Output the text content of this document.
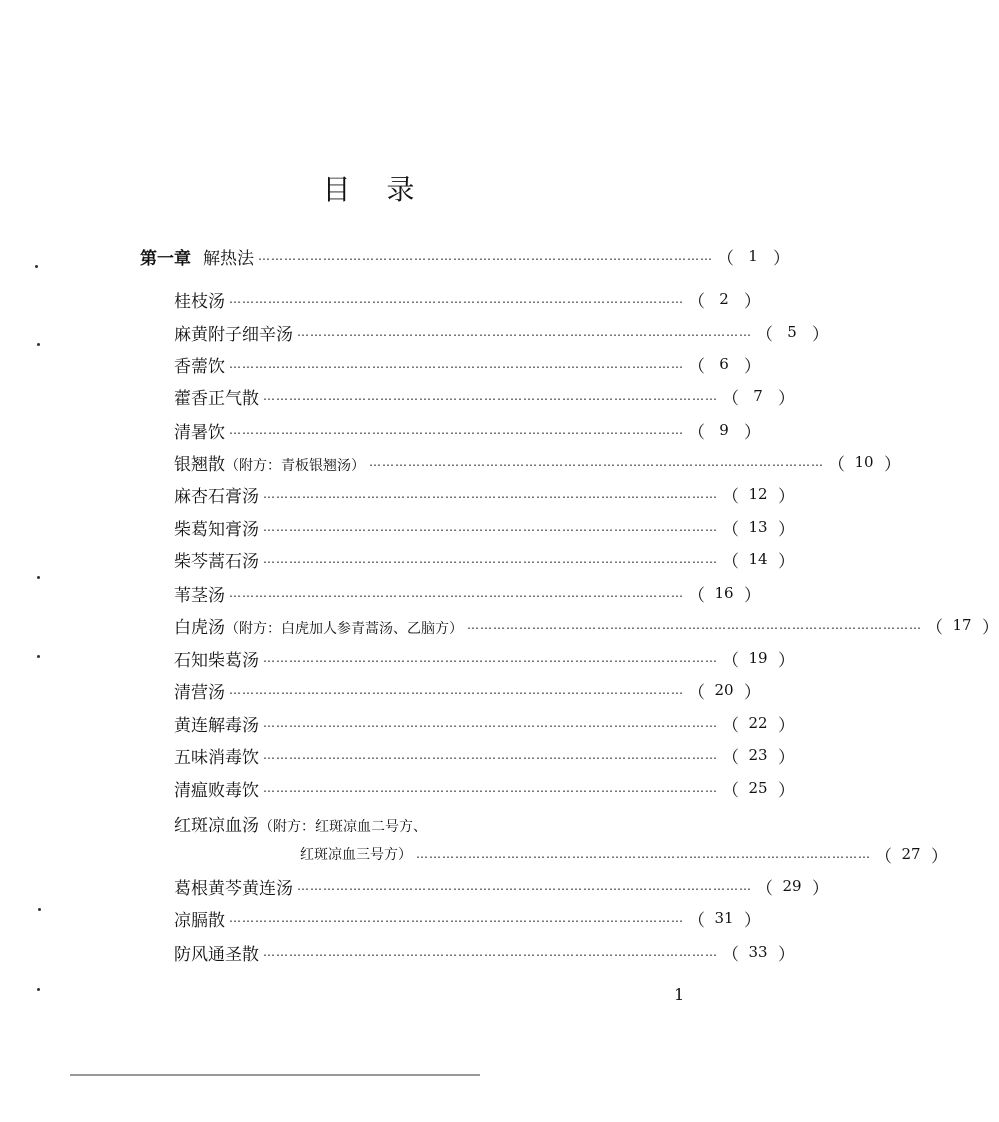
目 录
第一章 解热法 …………………………………………………………………………………………… （ 1 ）
桂枝汤 …………………………………………………………………………………………… （ 2 ）
麻黄附子细辛汤 …………………………………………………………………………………………… （ 5 ）
香薷饮 …………………………………………………………………………………………… （ 6 ）
藿香正气散 …………………………………………………………………………………………… （ 7 ）
清暑饮 …………………………………………………………………………………………… （ 9 ）
银翘散（附方：青板银翘汤） …………………………………………………………………………………………… （ 10 ）
麻杏石膏汤 …………………………………………………………………………………………… （ 12 ）
柴葛知膏汤 …………………………………………………………………………………………… （ 13 ）
柴芩蒿石汤 …………………………………………………………………………………………… （ 14 ）
苇茎汤 …………………………………………………………………………………………… （ 16 ）
白虎汤（附方：白虎加人参青蒿汤、乙脑方） …………………………………………………………………………………………… （ 17 ）
石知柴葛汤 …………………………………………………………………………………………… （ 19 ）
清营汤 …………………………………………………………………………………………… （ 20 ）
黄连解毒汤 …………………………………………………………………………………………… （ 22 ）
五味消毒饮 …………………………………………………………………………………………… （ 23 ）
清瘟败毒饮 …………………………………………………………………………………………… （ 25 ）
红斑凉血汤（附方：红斑凉血二号方、
红斑凉血三号方） …………………………………………………………………………………………… （ 27 ）
葛根黄芩黄连汤 …………………………………………………………………………………………… （ 29 ）
凉膈散 …………………………………………………………………………………………… （ 31 ）
防风通圣散 …………………………………………………………………………………………… （ 33 ）
1
